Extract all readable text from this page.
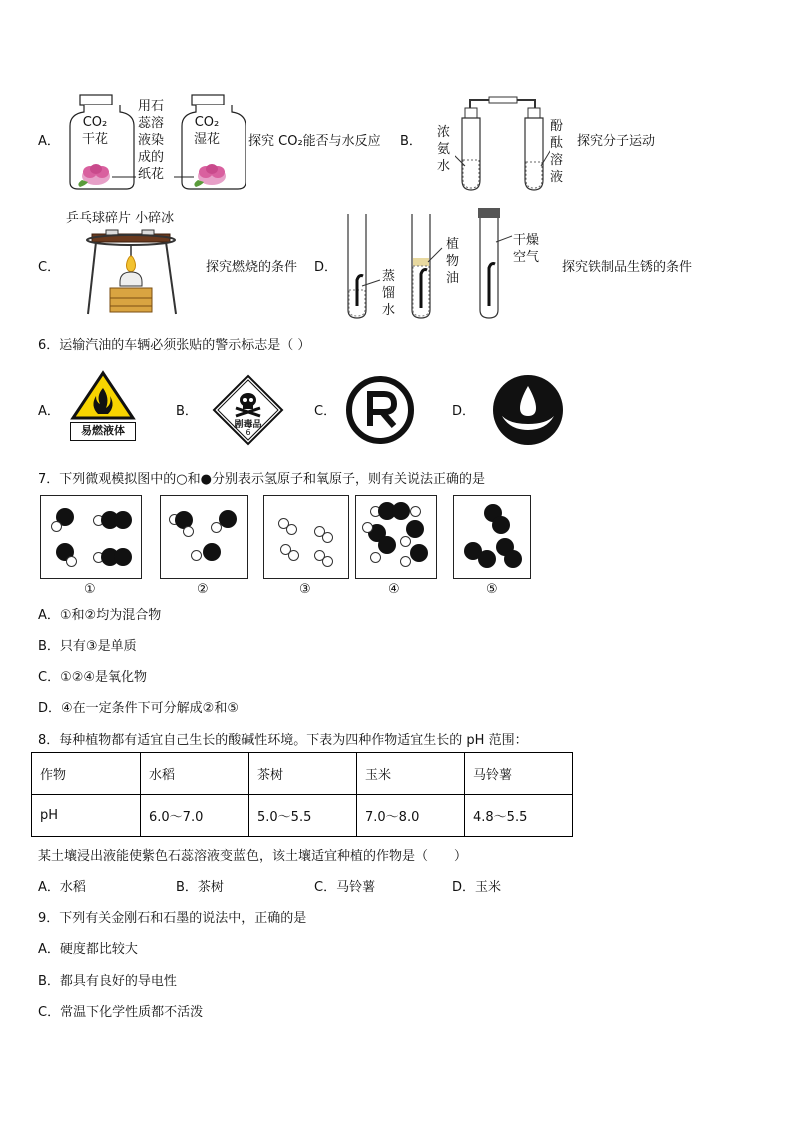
A．
CO₂
干花
CO₂
湿花
用石
蕊溶
液染
成的
纸花
探究 CO₂能否与水反应 B．
浓
氨
水
酚
酞
溶
液
探究分子运动
乒乓球碎片 小碎冰
C．	探究燃烧的条件 D．
蒸
馏
水
植
物
油
干燥
空气
探究铁制品生锈的条件
6．运输汽油的车辆必须张贴的警示标志是（ ）
A．
易燃液体
B．
剧毒品
6
C．	D．
7．下列微观模拟图中的○和●分别表示氢原子和氧原子，则有关说法正确的是
①	②	③	④	⑤
A．①和②均为混合物
B．只有③是单质
C．①②④是氧化物
D．④在一定条件下可分解成②和⑤
8．每种植物都有适宜自己生长的酸碱性环境。下表为四种作物适宜生长的 pH 范围：
作物	水稻	茶树	玉米	马铃薯
pH	6.0～7.0	5.0～5.5	7.0～8.0	4.8～5.5
某土壤浸出液能使紫色石蕊溶液变蓝色，该土壤适宜种植的作物是（　　）
A．水稻	B．茶树	C．马铃薯	D．玉米
9．下列有关金刚石和石墨的说法中，正确的是
A．硬度都比较大
B．都具有良好的导电性
C．常温下化学性质都不活泼
